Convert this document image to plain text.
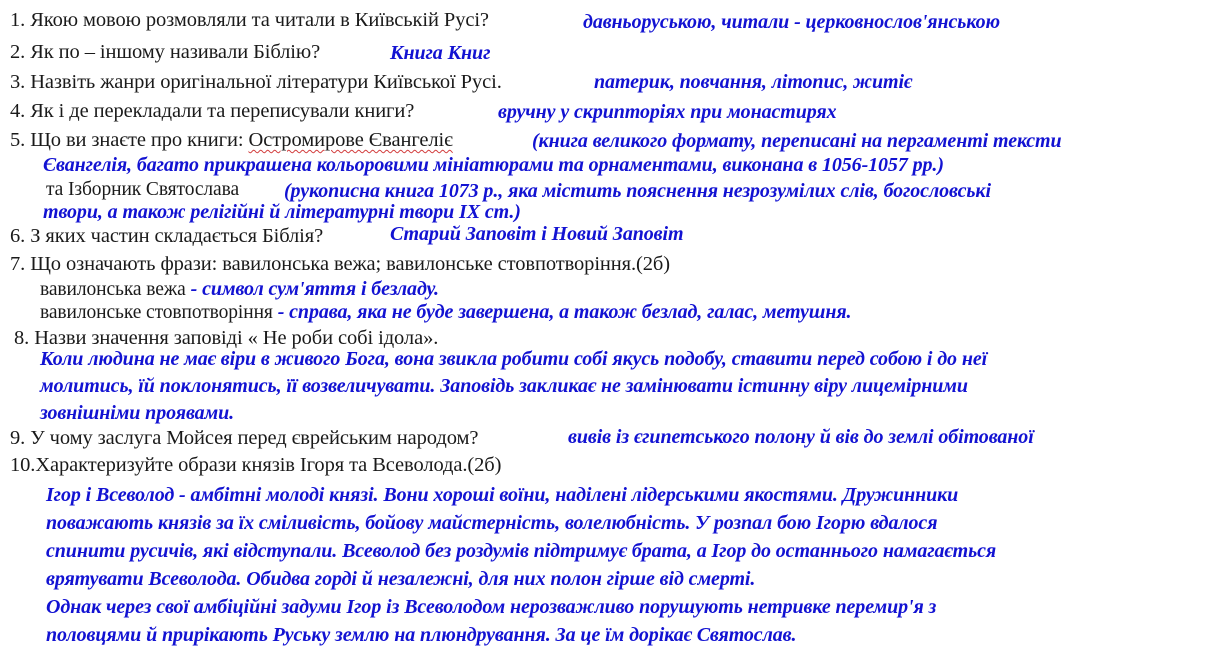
1. Якою мовою розмовляли та читали в Київській Русі?	давньоруською, читали - церковнослов'янською
2. Як по – іншому називали Біблію?	Книга Книг
3. Назвіть жанри оригінальної літератури Київської Русі.	патерик, повчання, літопис, житіє
4. Як і де перекладали та переписували книги?	вручну у скрипторіях при монастирях
5. Що ви знаєте про книги: Остромирове Євангеліє	(книга великого формату, переписані на пергаменті тексти
Євангелія, багато прикрашена кольоровими мініатюрами та орнаментами, виконана в 1056-1057 рр.)
та Ізборник Святослава (рукописна книга 1073 р., яка містить пояснення незрозумілих слів, богословські
твори, а також релігійні й літературні твори IX ст.)
6. З яких частин складається Біблія?	Старий Заповіт і Новий Заповіт
7. Що означають фрази: вавилонська вежа; вавилонське стовпотворіння.(2б)
вавилонська вежа - символ сум'яття і безладу.
вавилонське стовпотворіння - справа, яка не буде завершена, а також безлад, галас, метушня.
8. Назви значення заповіді « Не роби собі ідола».
Коли людина не має віри в живого Бога, вона звикла робити собі якусь подобу, ставити перед собою і до неї
молитись, їй поклонятись, її возвеличувати. Заповідь закликає не замінювати істинну віру лицемірними
зовнішніми проявами.
9. У чому заслуга Мойсея перед єврейським народом?	вивів із єгипетського полону й вів до землі обітованої
10.Характеризуйте образи князів Ігоря та Всеволода.(2б)
Ігор і Всеволод - амбітні молоді князі. Вони хороші воїни, наділені лідерськими якостями. Дружинники
поважають князів за їх сміливість, бойову майстерність, волелюбність. У розпал бою Ігорю вдалося
спинити русичів, які відступали. Всеволод без роздумів підтримує брата, а Ігор до останнього намагається
врятувати Всеволода. Обидва горді й незалежні, для них полон гірше від смерті.
Однак через свої амбіційні задуми Ігор із Всеволодом нерозважливо порушують нетривке перемир'я з
половцями й прирікають Руську землю на плюндрування. За це їм дорікає Святослав.
